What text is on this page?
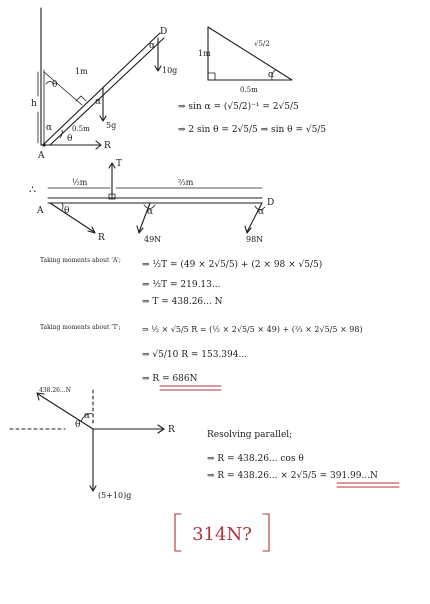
R
h
α
θ
1m
0.5m
θ
5g
α
10g
α
D
A
1m
√5/2
0.5m
α
⇒ sin α = (√5/2)⁻¹ = 2√5/5
⇒ 2 sin θ = 2√5/5 ⇒ sin θ = √5/5
∴
½m	⅔m
T
A
D
R
θ
49N
α
98N
α
Taking moments about 'A'; ⇒ ½T = (49 × 2√5/5) + (2 × 98 × √5/5)
⇒ ½T = 219.13...
⇒ T = 438.26... N
Taking moments about 'T';	⇒ ½ × √5/5 R = (½ × 2√5/5 × 49) + (⅔ × 2√5/5 × 98)
⇒ √5/10 R = 153.394...
⇒ R = 686N
R
438.26...N
(5+10)g
α
θ
Resolving parallel;
⇒ R = 438.26... cos θ
⇒ R = 438.26... × 2√5/5 = 391.99...N
314N?
